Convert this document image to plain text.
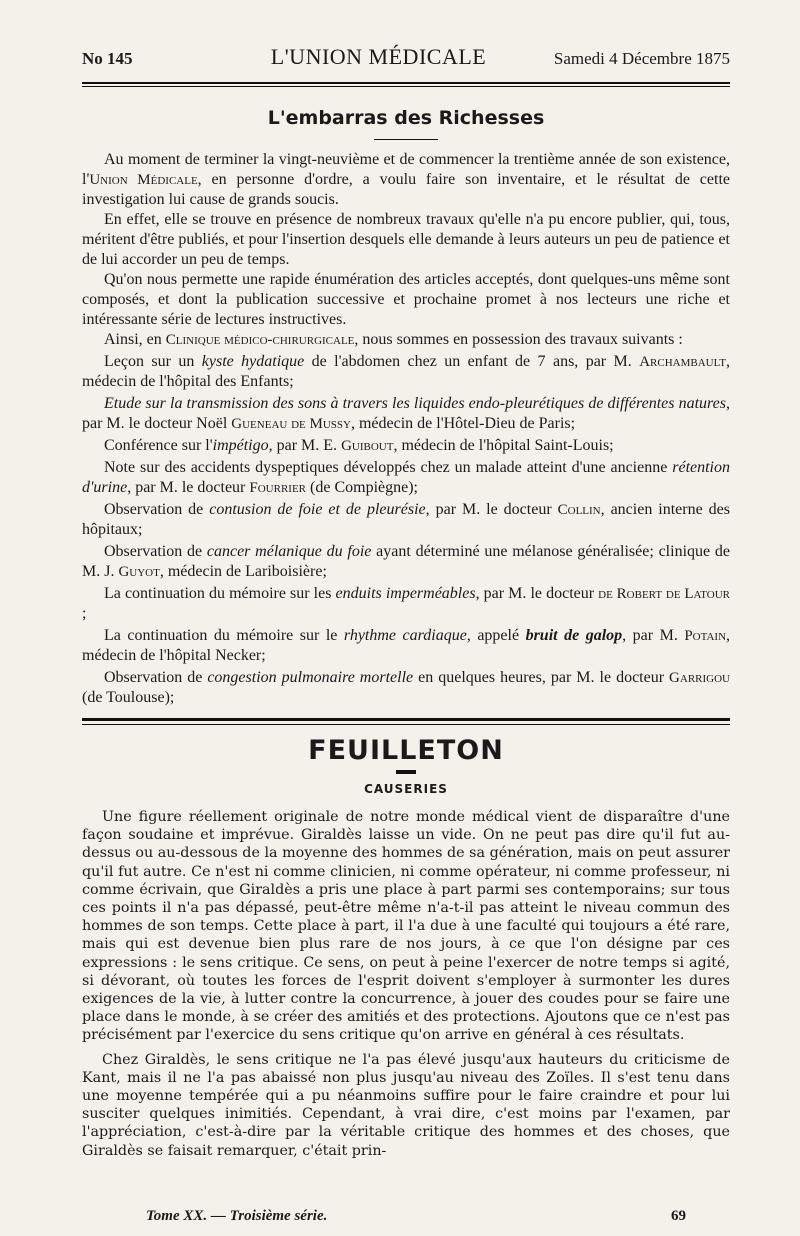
No 145	L'UNION MÉDICALE	Samedi 4 Décembre 1875
L'embarras des Richesses

Au moment de terminer la vingt-neuvième et de commencer la trentième année de son existence, l'Union Médicale, en personne d'ordre, a voulu faire son inventaire, et le résultat de cette investigation lui cause de grands soucis.

En effet, elle se trouve en présence de nombreux travaux qu'elle n'a pu encore publier, qui, tous, méritent d'être publiés, et pour l'insertion desquels elle demande à leurs auteurs un peu de patience et de lui accorder un peu de temps.

Qu'on nous permette une rapide énumération des articles acceptés, dont quelques-uns même sont composés, et dont la publication successive et prochaine promet à nos lecteurs une riche et intéressante série de lectures instructives.

Ainsi, en Clinique médico-chirurgicale, nous sommes en possession des travaux suivants :

Leçon sur un kyste hydatique de l'abdomen chez un enfant de 7 ans, par M. Archambault, médecin de l'hôpital des Enfants;

Etude sur la transmission des sons à travers les liquides endo-pleurétiques de différentes natures, par M. le docteur Noël Gueneau de Mussy, médecin de l'Hôtel-Dieu de Paris;

Conférence sur l'impétigo, par M. E. Guibout, médecin de l'hôpital Saint-Louis;

Note sur des accidents dyspeptiques développés chez un malade atteint d'une ancienne rétention d'urine, par M. le docteur Fourrier (de Compiègne);

Observation de contusion de foie et de pleurésie, par M. le docteur Collin, ancien interne des hôpitaux;

Observation de cancer mélanique du foie ayant déterminé une mélanose généralisée; clinique de M. J. Guyot, médecin de Lariboisière;

La continuation du mémoire sur les enduits imperméables, par M. le docteur de Robert de Latour ;

La continuation du mémoire sur le rhythme cardiaque, appelé bruit de galop, par M. Potain, médecin de l'hôpital Necker;

Observation de congestion pulmonaire mortelle en quelques heures, par M. le docteur Garrigou (de Toulouse);

FEUILLETON
CAUSERIES

Une figure réellement originale de notre monde médical vient de disparaître d'une façon soudaine et imprévue. Giraldès laisse un vide. On ne peut pas dire qu'il fut au-dessus ou au-dessous de la moyenne des hommes de sa génération, mais on peut assurer qu'il fut autre. Ce n'est ni comme clinicien, ni comme opérateur, ni comme professeur, ni comme écrivain, que Giraldès a pris une place à part parmi ses contemporains; sur tous ces points il n'a pas dépassé, peut-être même n'a-t-il pas atteint le niveau commun des hommes de son temps. Cette place à part, il l'a due à une faculté qui toujours a été rare, mais qui est devenue bien plus rare de nos jours, à ce que l'on désigne par ces expressions : le sens critique. Ce sens, on peut à peine l'exercer de notre temps si agité, si dévorant, où toutes les forces de l'esprit doivent s'employer à surmonter les dures exigences de la vie, à lutter contre la concurrence, à jouer des coudes pour se faire une place dans le monde, à se créer des amitiés et des protections. Ajoutons que ce n'est pas précisément par l'exercice du sens critique qu'on arrive en général à ces résultats.

Chez Giraldès, le sens critique ne l'a pas élevé jusqu'aux hauteurs du criticisme de Kant, mais il ne l'a pas abaissé non plus jusqu'au niveau des Zoïles. Il s'est tenu dans une moyenne tempérée qui a pu néanmoins suffire pour le faire craindre et pour lui susciter quelques inimitiés. Cependant, à vrai dire, c'est moins par l'examen, par l'appréciation, c'est-à-dire par la véritable critique des hommes et des choses, que Giraldès se faisait remarquer, c'était prin-

Tome XX. — Troisième série.	69
